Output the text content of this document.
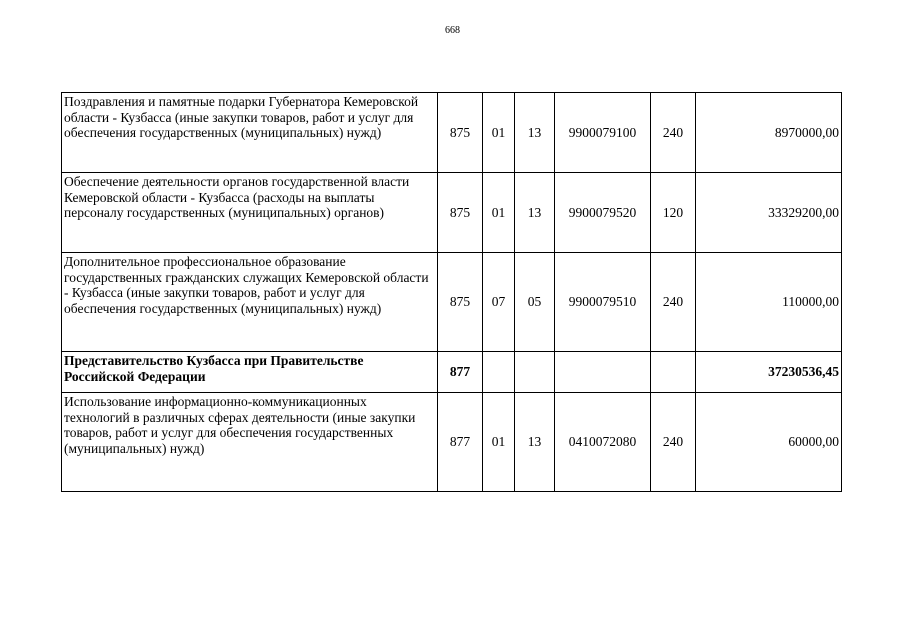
668
Поздравления и памятные подарки Губернатора Кемеровской области - Кузбасса (иные закупки товаров, работ и услуг для обеспечения государственных (муниципальных) нужд)	875	01	13	9900079100	240	8970000,00
Обеспечение деятельности органов государственной власти Кемеровской области - Кузбасса (расходы на выплаты персоналу государственных (муниципальных) органов)	875	01	13	9900079520	120	33329200,00
Дополнительное профессиональное образование государственных гражданских служащих Кемеровской области - Кузбасса (иные закупки товаров, работ и услуг для обеспечения государственных (муниципальных) нужд)	875	07	05	9900079510	240	110000,00
Представительство Кузбасса при Правительстве Российской Федерации	877					37230536,45
Использование информационно-коммуникационных технологий в различных сферах деятельности (иные закупки товаров, работ и услуг для обеспечения государственных (муниципальных) нужд)	877	01	13	0410072080	240	60000,00
